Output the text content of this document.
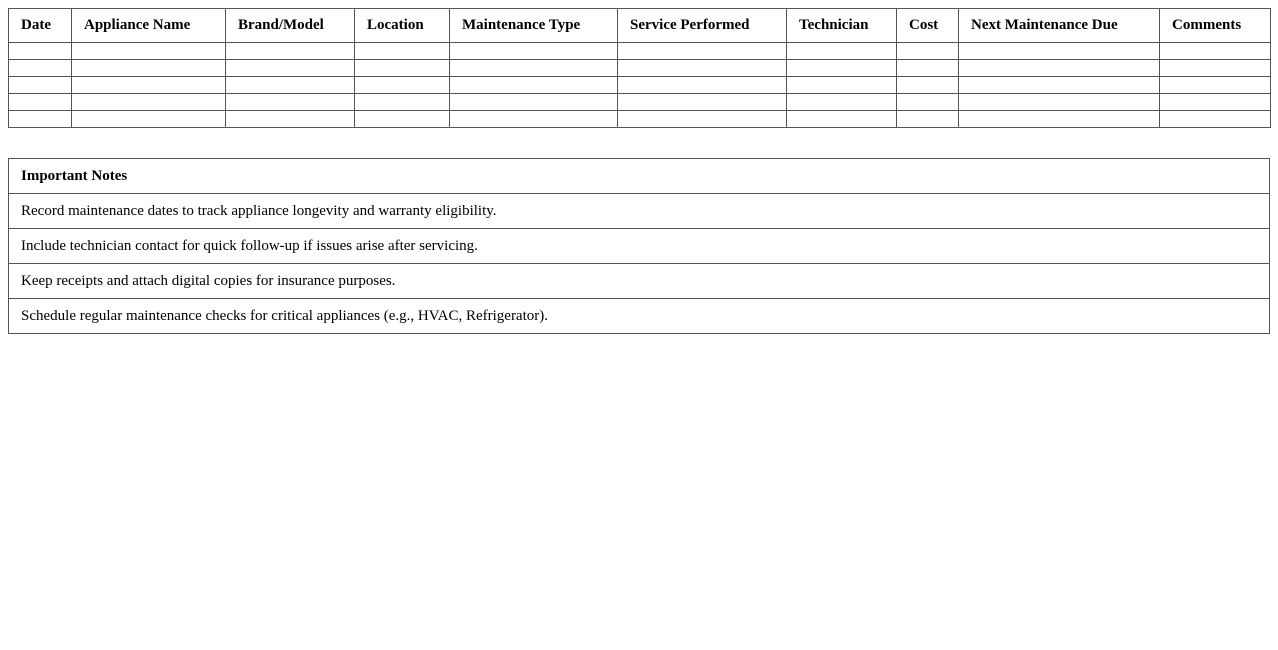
Date	Appliance Name	Brand/Model	Location	Maintenance Type	Service Performed	Technician	Cost	Next Maintenance Due	Comments

Important Notes
Record maintenance dates to track appliance longevity and warranty eligibility.
Include technician contact for quick follow-up if issues arise after servicing.
Keep receipts and attach digital copies for insurance purposes.
Schedule regular maintenance checks for critical appliances (e.g., HVAC, Refrigerator).
